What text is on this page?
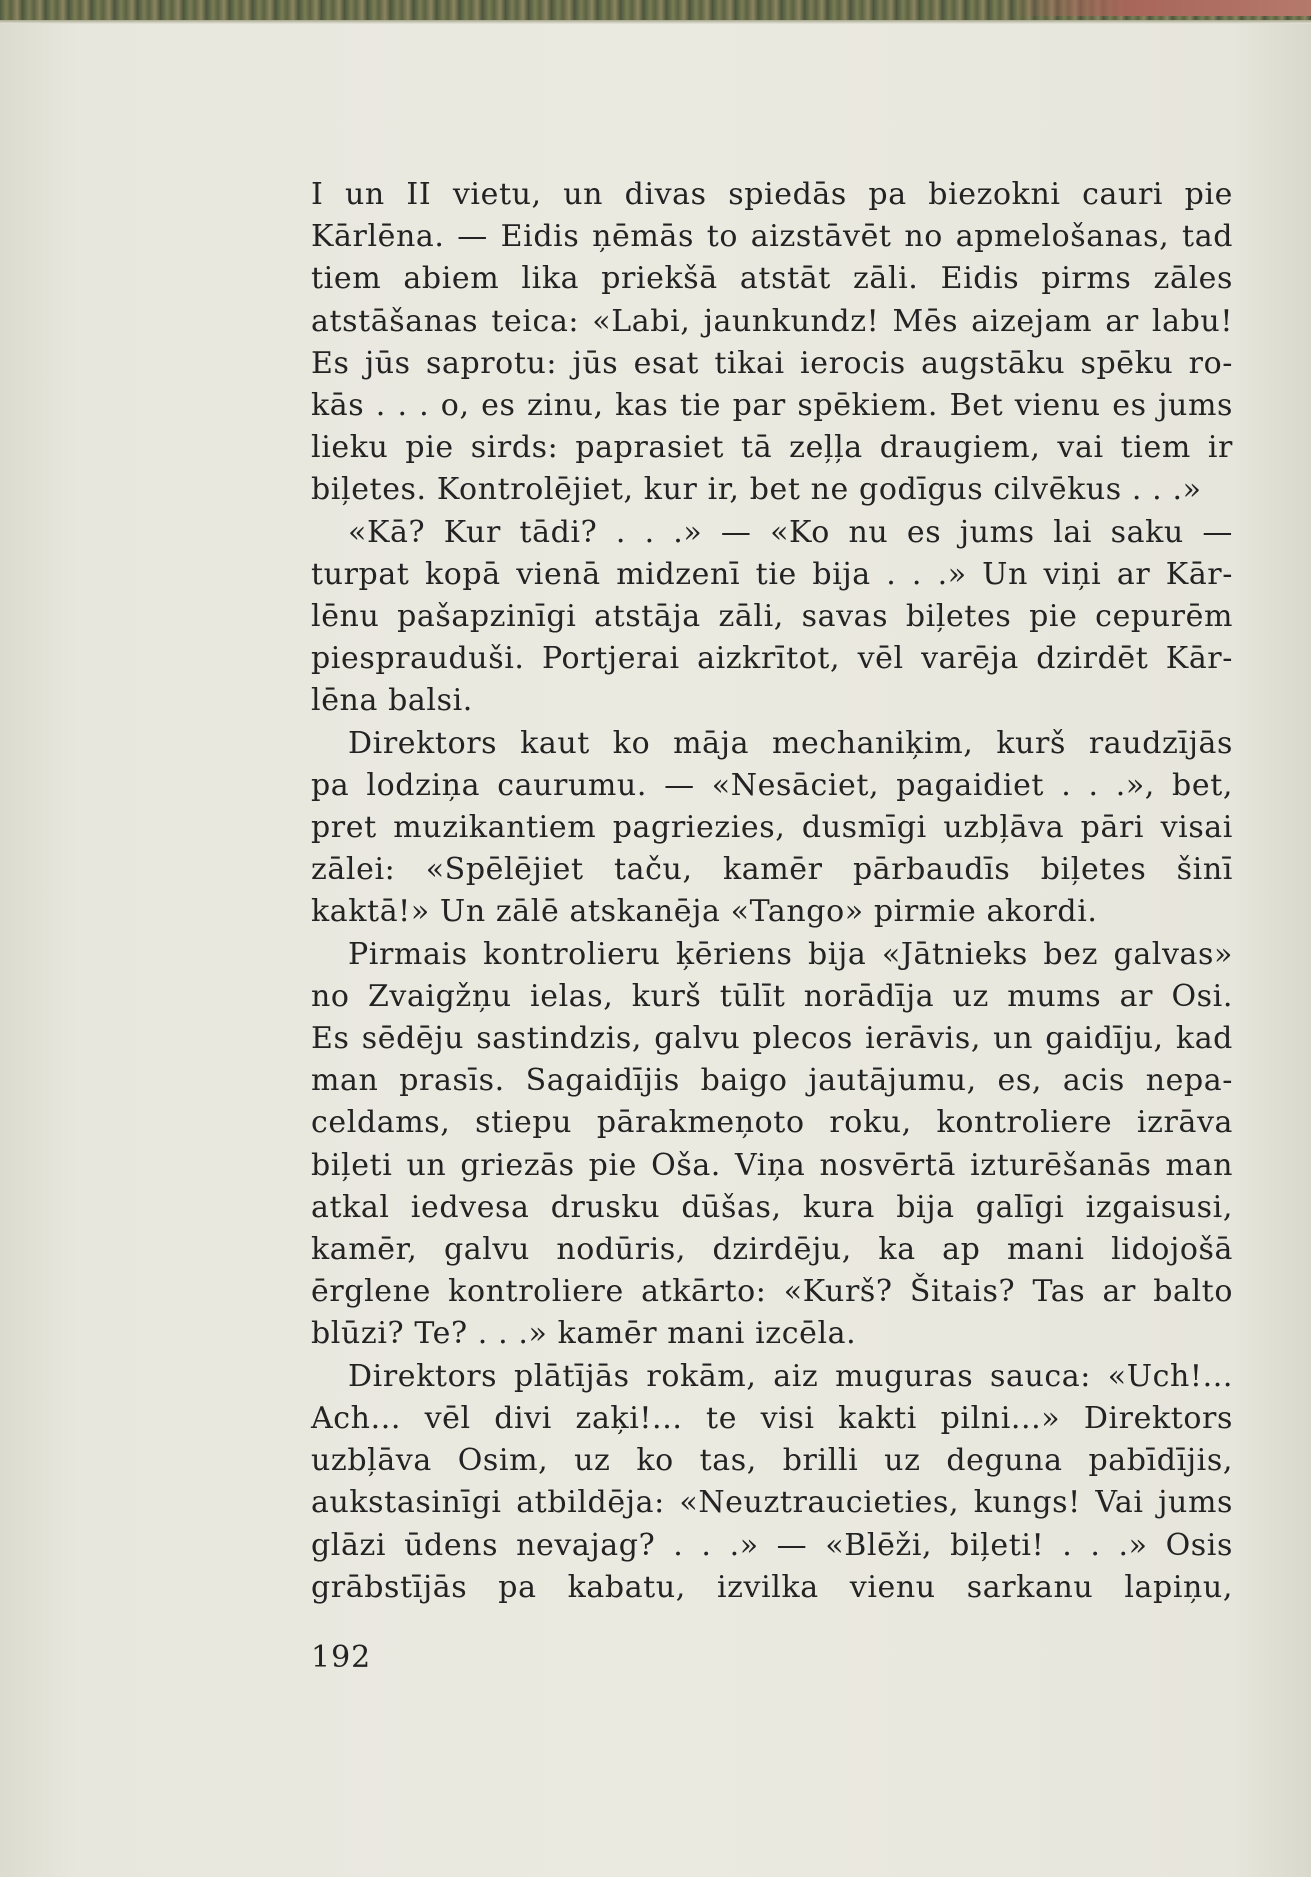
I un II vietu, un divas spiedās pa biezokni cauri pie
Kārlēna. — Eidis ņēmās to aizstāvēt no apmelošanas, tad
tiem abiem lika priekšā atstāt zāli. Eidis pirms zāles
atstāšanas teica: «Labi, jaunkundz! Mēs aizejam ar labu!
Es jūs saprotu: jūs esat tikai ierocis augstāku spēku ro-
kās . . . o, es zinu, kas tie par spēkiem. Bet vienu es jums
lieku pie sirds: paprasiet tā zeļļa draugiem, vai tiem ir
biļetes. Kontrolējiet, kur ir, bet ne godīgus cilvēkus . . .»
«Kā? Kur tādi? . . .» — «Ko nu es jums lai saku —
turpat kopā vienā midzenī tie bija . . .» Un viņi ar Kār-
lēnu pašapzinīgi atstāja zāli, savas biļetes pie cepurēm
piesprauduši. Portjerai aizkrītot, vēl varēja dzirdēt Kār-
lēna balsi.
Direktors kaut ko māja mechaniķim, kurš raudzījās
pa lodziņa caurumu. — «Nesāciet, pagaidiet . . .», bet,
pret muzikantiem pagriezies, dusmīgi uzbļāva pāri visai
zālei: «Spēlējiet taču, kamēr pārbaudīs biļetes šinī
kaktā!» Un zālē atskanēja «Tango» pirmie akordi.
Pirmais kontrolieru ķēriens bija «Jātnieks bez galvas»
no Zvaigžņu ielas, kurš tūlīt norādīja uz mums ar Osi.
Es sēdēju sastindzis, galvu plecos ierāvis, un gaidīju, kad
man prasīs. Sagaidījis baigo jautājumu, es, acis nepa-
celdams, stiepu pārakmeņoto roku, kontroliere izrāva
biļeti un griezās pie Oša. Viņa nosvērtā izturēšanās man
atkal iedvesa drusku dūšas, kura bija galīgi izgaisusi,
kamēr, galvu nodūris, dzirdēju, ka ap mani lidojošā
ērglene kontroliere atkārto: «Kurš? Šitais? Tas ar balto
blūzi? Te? . . .» kamēr mani izcēla.
Direktors plātījās rokām, aiz muguras sauca: «Uch!...
Ach... vēl divi zaķi!... te visi kakti pilni...» Direktors
uzbļāva Osim, uz ko tas, brilli uz deguna pabīdījis,
aukstasinīgi atbildēja: «Neuztraucieties, kungs! Vai jums
glāzi ūdens nevajag? . . .» — «Blēži, biļeti! . . .» Osis
grābstījās pa kabatu, izvilka vienu sarkanu lapiņu,
192
